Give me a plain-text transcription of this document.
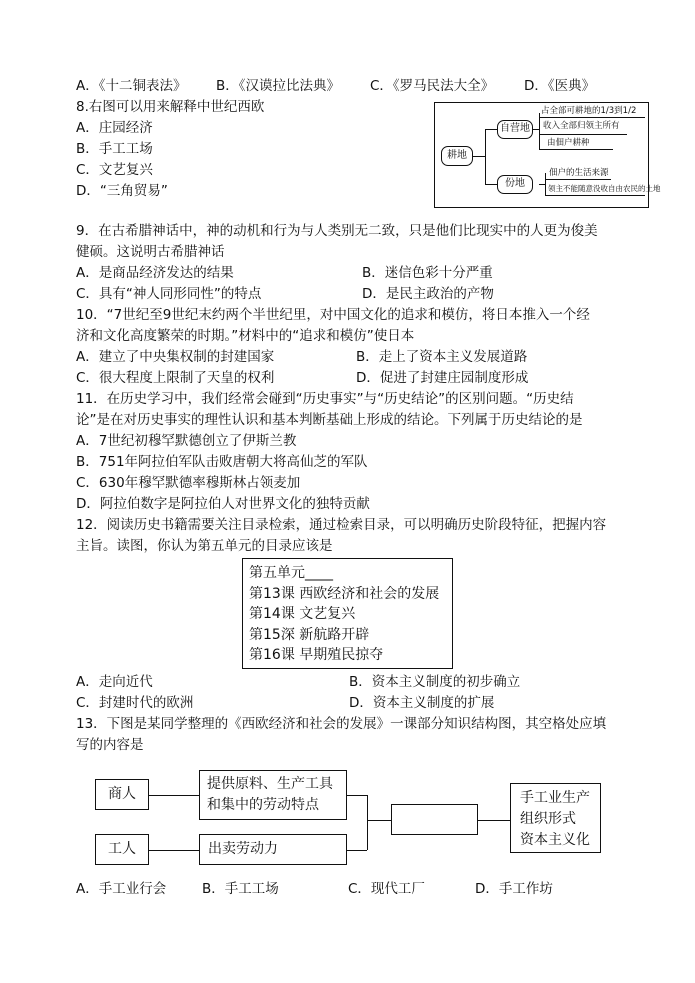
A．《十二铜表法》 B．《汉谟拉比法典》 C．《罗马民法大全》 D．《医典》
8.右图可以用来解释中世纪西欧
A．庄园经济
B．手工工场
C．文艺复兴
D．“三角贸易”
耕地
自营地
份地
占全部可耕地的1/3到1/2
收入全部归领主所有
由佃户耕种
佃户的生活来源
领主不能随意没收自由农民的土地
9．在古希腊神话中，神的动机和行为与人类别无二致，只是他们比现实中的人更为俊美
健硕。这说明古希腊神话
A．是商品经济发达的结果	B．迷信色彩十分严重
C．具有“神人同形同性”的特点	D．是民主政治的产物
10．“7世纪至9世纪末约两个半世纪里，对中国文化的追求和模仿，将日本推入一个经
济和文化高度繁荣的时期。”材料中的“追求和模仿”使日本
A．建立了中央集权制的封建国家	B．走上了资本主义发展道路
C．很大程度上限制了天皇的权利	D．促进了封建庄园制度形成
11．在历史学习中，我们经常会碰到“历史事实”与“历史结论”的区别问题。“历史结
论”是在对历史事实的理性认识和基本判断基础上形成的结论。下列属于历史结论的是
A．7世纪初穆罕默德创立了伊斯兰教
B．751年阿拉伯军队击败唐朝大将高仙芝的军队
C．630年穆罕默德率穆斯林占领麦加
D．阿拉伯数字是阿拉伯人对世界文化的独特贡献
12．阅读历史书籍需要关注目录检索，通过检索目录，可以明确历史阶段特征，把握内容
主旨。读图，你认为第五单元的目录应该是
第五单元____
第13课 西欧经济和社会的发展
第14课 文艺复兴
第15深 新航路开辟
第16课 早期殖民掠夺
A．走向近代	B．资本主义制度的初步确立
C．封建时代的欧洲	D．资本主义制度的扩展
13．下图是某同学整理的《西欧经济和社会的发展》一课部分知识结构图，其空格处应填
写的内容是
商人
工人
提供原料、生产工具
和集中的劳动特点
出卖劳动力
手工业生产
组织形式
资本主义化
A．手工业行会	B．手工工场	C．现代工厂	D．手工作坊
